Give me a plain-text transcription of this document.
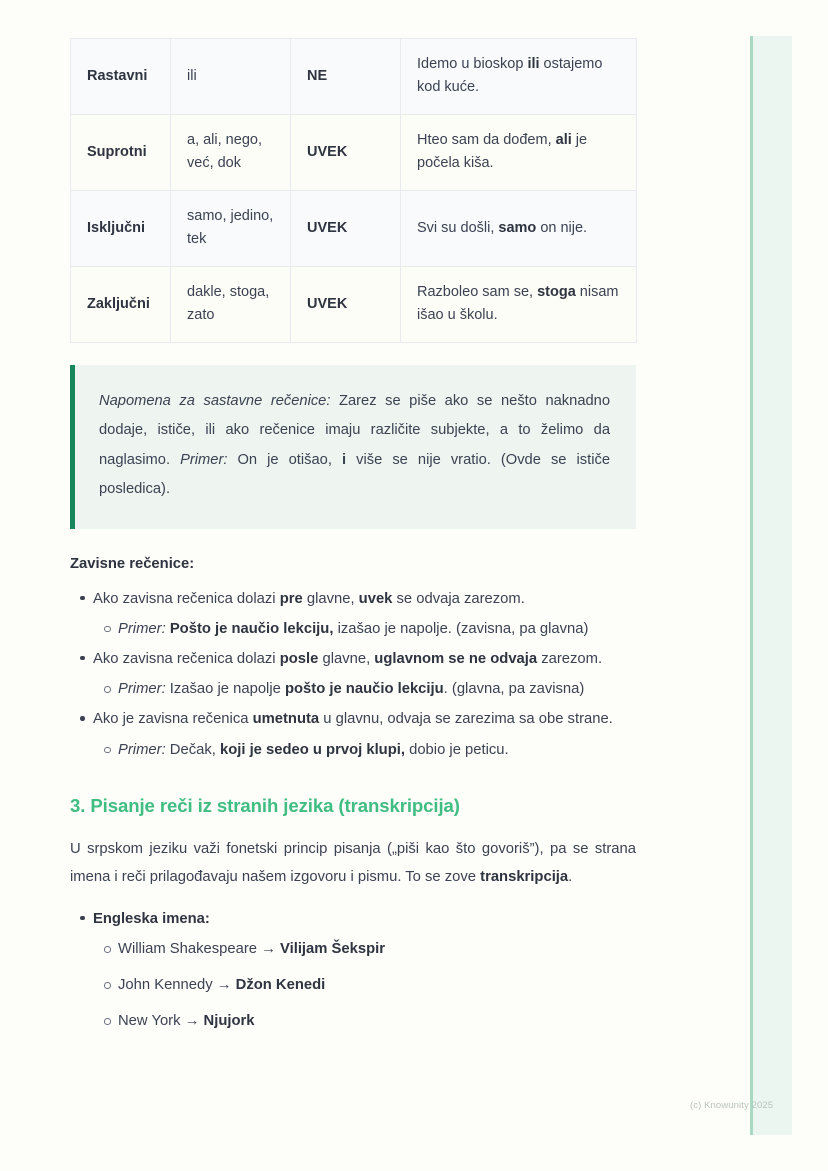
Rastavni	ili	NE	Idemo u bioskop ili ostajemo kod kuće.
Suprotni	a, ali, nego, već, dok	UVEK	Hteo sam da dođem, ali je počela kiša.
Isključni	samo, jedino, tek	UVEK	Svi su došli, samo on nije.
Zaključni	dakle, stoga, zato	UVEK	Razboleo sam se, stoga nisam išao u školu.
Napomena za sastavne rečenice: Zarez se piše ako se nešto naknadno dodaje, ističe, ili ako rečenice imaju različite subjekte, a to želimo da naglasimo. Primer: On je otišao, i više se nije vratio. (Ovde se ističe posledica).
Zavisne rečenice:
Ako zavisna rečenica dolazi pre glavne, uvek se odvaja zarezom.
Primer: Pošto je naučio lekciju, izašao je napolje. (zavisna, pa glavna)
Ako zavisna rečenica dolazi posle glavne, uglavnom se ne odvaja zarezom.
Primer: Izašao je napolje pošto je naučio lekciju. (glavna, pa zavisna)
Ako je zavisna rečenica umetnuta u glavnu, odvaja se zarezima sa obe strane.
Primer: Dečak, koji je sedeo u prvoj klupi, dobio je peticu.
3. Pisanje reči iz stranih jezika (transkripcija)

U srpskom jeziku važi fonetski princip pisanja („piši kao što govoriš”), pa se strana imena i reči prilagođavaju našem izgovoru i pismu. To se zove transkripcija.

Engleska imena:
William Shakespeare → Vilijam Šekspir
John Kennedy → Džon Kenedi
New York → Njujork
(c) Knowunity 2025
